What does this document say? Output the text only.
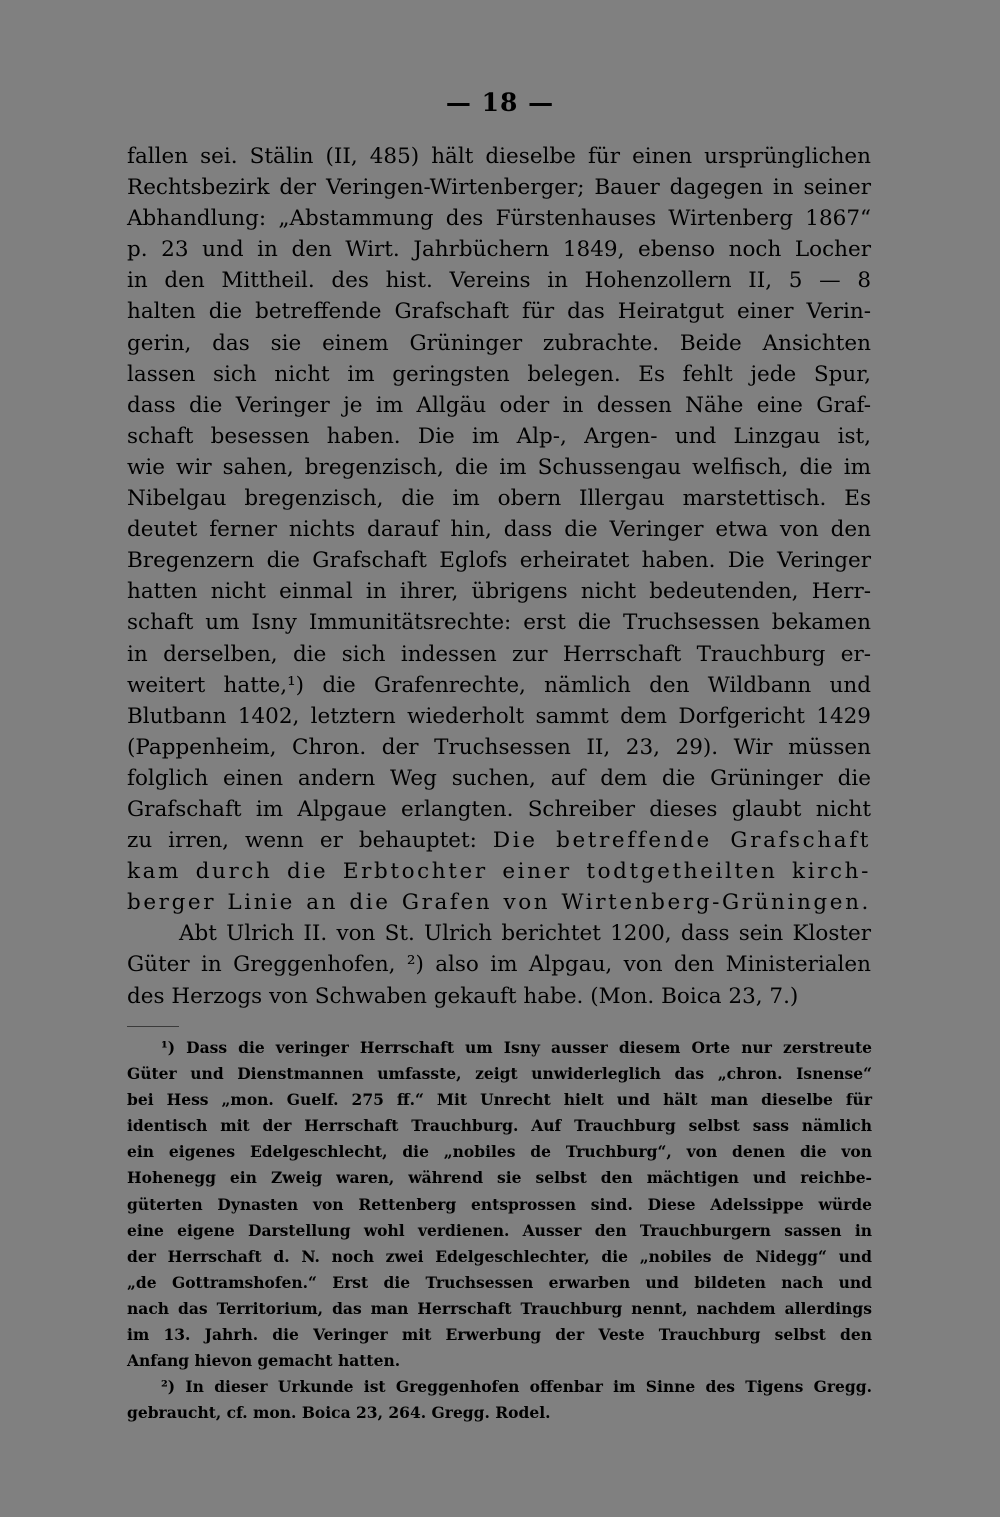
— 18 —
fallen sei. Stälin (II, 485) hält dieselbe für einen ursprünglichen
Rechtsbezirk der Veringen-Wirtenberger; Bauer dagegen in seiner
Abhandlung: „Abstammung des Fürstenhauses Wirtenberg 1867“
p. 23 und in den Wirt. Jahrbüchern 1849, ebenso noch Locher
in den Mittheil. des hist. Vereins in Hohenzollern II, 5 — 8
halten die betreffende Grafschaft für das Heiratgut einer Verin-
gerin, das sie einem Grüninger zubrachte. Beide Ansichten
lassen sich nicht im geringsten belegen. Es fehlt jede Spur,
dass die Veringer je im Allgäu oder in dessen Nähe eine Graf-
schaft besessen haben. Die im Alp-, Argen- und Linzgau ist,
wie wir sahen, bregenzisch, die im Schussengau welfisch, die im
Nibelgau bregenzisch, die im obern Illergau marstettisch. Es
deutet ferner nichts darauf hin, dass die Veringer etwa von den
Bregenzern die Grafschaft Eglofs erheiratet haben. Die Veringer
hatten nicht einmal in ihrer, übrigens nicht bedeutenden, Herr-
schaft um Isny Immunitätsrechte: erst die Truchsessen bekamen
in derselben, die sich indessen zur Herrschaft Trauchburg er-
weitert hatte,¹) die Grafenrechte, nämlich den Wildbann und
Blutbann 1402, letztern wiederholt sammt dem Dorfgericht 1429
(Pappenheim, Chron. der Truchsessen II, 23, 29). Wir müssen
folglich einen andern Weg suchen, auf dem die Grüninger die
Grafschaft im Alpgaue erlangten. Schreiber dieses glaubt nicht
zu irren, wenn er behauptet: Die betreffende Grafschaft
kam durch die Erbtochter einer todtgetheilten kirch-
berger Linie an die Grafen von Wirtenberg-Grüningen.
Abt Ulrich II. von St. Ulrich berichtet 1200, dass sein Kloster
Güter in Greggenhofen, ²) also im Alpgau, von den Ministerialen
des Herzogs von Schwaben gekauft habe. (Mon. Boica 23, 7.)
¹) Dass die veringer Herrschaft um Isny ausser diesem Orte nur zerstreute
Güter und Dienstmannen umfasste, zeigt unwiderleglich das „chron. Isnense“
bei Hess „mon. Guelf. 275 ff.“ Mit Unrecht hielt und hält man dieselbe für
identisch mit der Herrschaft Trauchburg. Auf Trauchburg selbst sass nämlich
ein eigenes Edelgeschlecht, die „nobiles de Truchburg“, von denen die von
Hohenegg ein Zweig waren, während sie selbst den mächtigen und reichbe-
güterten Dynasten von Rettenberg entsprossen sind. Diese Adelssippe würde
eine eigene Darstellung wohl verdienen. Ausser den Trauchburgern sassen in
der Herrschaft d. N. noch zwei Edelgeschlechter, die „nobiles de Nidegg“ und
„de Gottramshofen.“ Erst die Truchsessen erwarben und bildeten nach und
nach das Territorium, das man Herrschaft Trauchburg nennt, nachdem allerdings
im 13. Jahrh. die Veringer mit Erwerbung der Veste Trauchburg selbst den
Anfang hievon gemacht hatten.
²) In dieser Urkunde ist Greggenhofen offenbar im Sinne des Tigens Gregg.
gebraucht, cf. mon. Boica 23, 264. Gregg. Rodel.
